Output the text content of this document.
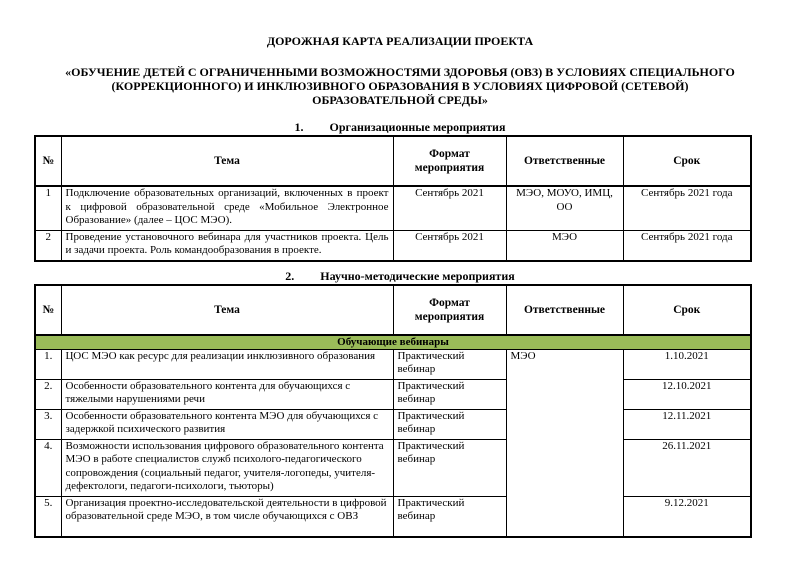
ДОРОЖНАЯ КАРТА РЕАЛИЗАЦИИ ПРОЕКТА
«ОБУЧЕНИЕ ДЕТЕЙ С ОГРАНИЧЕННЫМИ ВОЗМОЖНОСТЯМИ ЗДОРОВЬЯ (ОВЗ) В УСЛОВИЯХ СПЕЦИАЛЬНОГО (КОРРЕКЦИОННОГО) И ИНКЛЮЗИВНОГО ОБРАЗОВАНИЯ В УСЛОВИЯХ ЦИФРОВОЙ (СЕТЕВОЙ) ОБРАЗОВАТЕЛЬНОЙ СРЕДЫ»
1. Организационные мероприятия
№	Тема	Формат мероприятия	Ответственные	Срок
1	Подключение образовательных организаций, включенных в проект к цифровой образовательной среде «Мобильное Электронное Образование» (далее – ЦОС МЭО).	Сентябрь 2021	МЭО, МОУО, ИМЦ, ОО	Сентябрь 2021 года
2	Проведение установочного вебинара для участников проекта. Цель и задачи проекта. Роль командообразования в проекте.	Сентябрь 2021	МЭО	Сентябрь 2021 года
2. Научно-методические мероприятия
№	Тема	Формат мероприятия	Ответственные	Срок
Обучающие вебинары				
1.	ЦОС МЭО как ресурс для реализации инклюзивного образования	Практический вебинар	МЭО	1.10.2021
2.	Особенности образовательного контента для обучающихся с тяжелыми нарушениями речи	Практический вебинар		12.10.2021
3.	Особенности образовательного контента МЭО для обучающихся с задержкой психического развития	Практический вебинар		12.11.2021
4.	Возможности использования цифрового образовательного контента МЭО в работе специалистов служб психолого-педагогического сопровождения (социальный педагог, учителя-логопеды, учителя-дефектологи, педагоги-психологи, тьюторы)	Практический вебинар		26.11.2021
5.	Организация проектно-исследовательской деятельности в цифровой образовательной среде МЭО, в том числе обучающихся с ОВЗ	Практический вебинар		9.12.2021
